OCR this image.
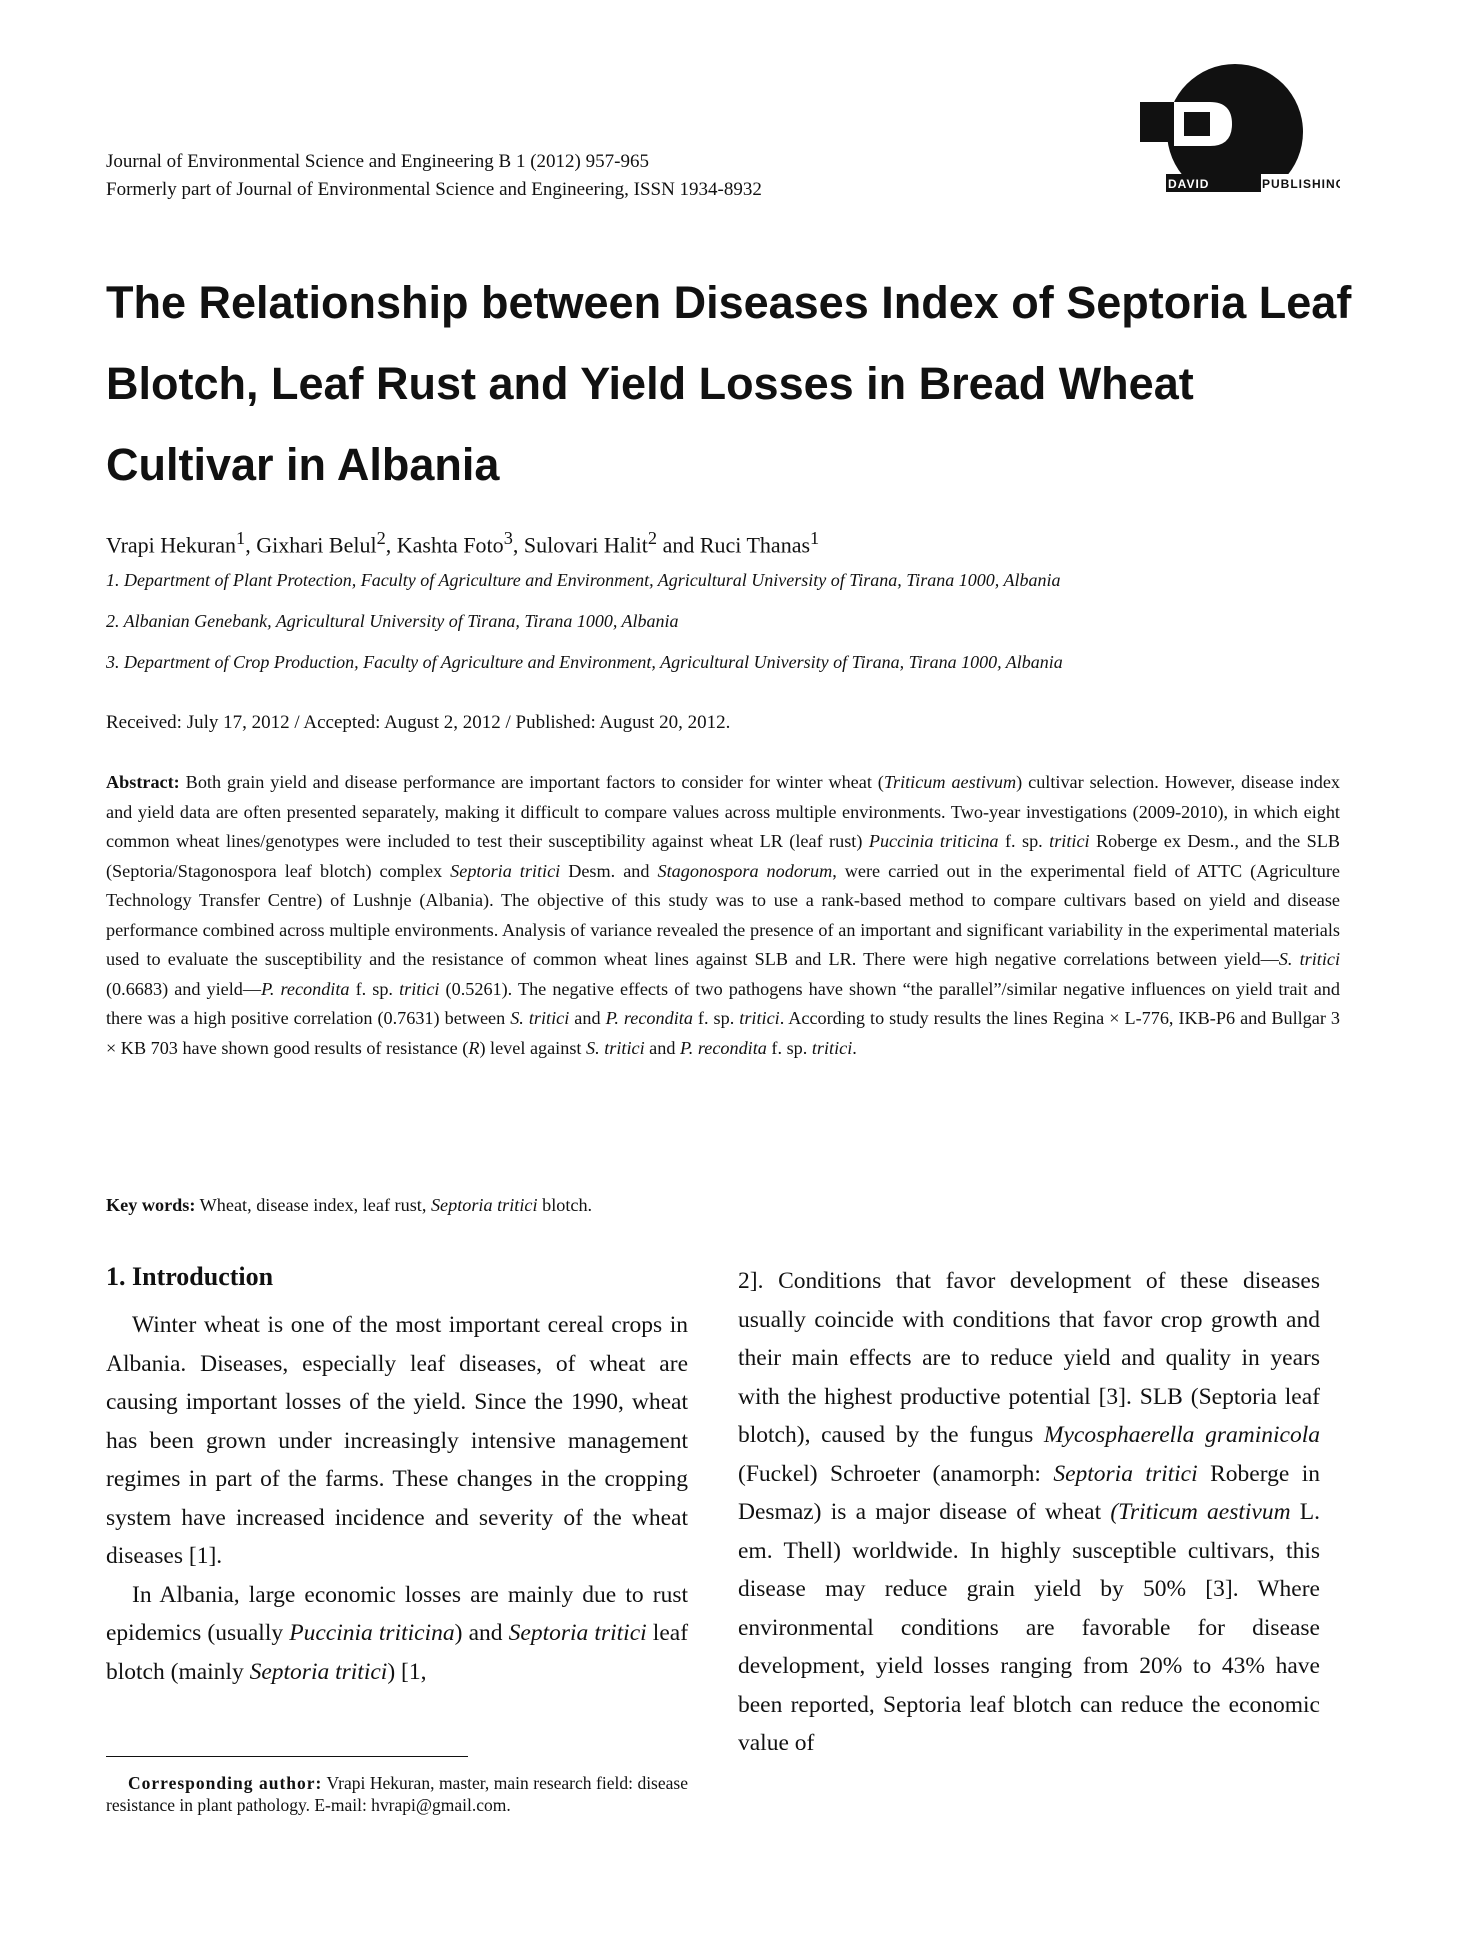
Journal of Environmental Science and Engineering B 1 (2012) 957-965
Formerly part of Journal of Environmental Science and Engineering, ISSN 1934-8932	DAVID	PUBLISHING
The Relationship between Diseases Index of Septoria Leaf Blotch, Leaf Rust and Yield Losses in Bread Wheat Cultivar in Albania
Vrapi Hekuran$^1$, Gixhari Belul$^2$, Kashta Foto$^3$, Sulovari Halit$^2$ and Ruci Thanas$^1$
1. Department of Plant Protection, Faculty of Agriculture and Environment, Agricultural University of Tirana, Tirana 1000, Albania
2. Albanian Genebank, Agricultural University of Tirana, Tirana 1000, Albania
3. Department of Crop Production, Faculty of Agriculture and Environment, Agricultural University of Tirana, Tirana 1000, Albania
Received: July 17, 2012 / Accepted: August 2, 2012 / Published: August 20, 2012.
Abstract: Both grain yield and disease performance are important factors to consider for winter wheat (Triticum aestivum) cultivar selection. However, disease index and yield data are often presented separately, making it difficult to compare values across multiple environments. Two-year investigations (2009-2010), in which eight common wheat lines/genotypes were included to test their susceptibility against wheat LR (leaf rust) Puccinia triticina f. sp. tritici Roberge ex Desm., and the SLB (Septoria/Stagonospora leaf blotch) complex Septoria tritici Desm. and Stagonospora nodorum, were carried out in the experimental field of ATTC (Agriculture Technology Transfer Centre) of Lushnje (Albania). The objective of this study was to use a rank-based method to compare cultivars based on yield and disease performance combined across multiple environments. Analysis of variance revealed the presence of an important and significant variability in the experimental materials used to evaluate the susceptibility and the resistance of common wheat lines against SLB and LR. There were high negative correlations between yield—S. tritici (0.6683) and yield—P. recondita f. sp. tritici (0.5261). The negative effects of two pathogens have shown “the parallel”/similar negative influences on yield trait and there was a high positive correlation (0.7631) between S. tritici and P. recondita f. sp. tritici. According to study results the lines Regina × L-776, IKB-P6 and Bullgar 3 × KB 703 have shown good results of resistance (R) level against S. tritici and P. recondita f. sp. tritici.
Key words: Wheat, disease index, leaf rust, Septoria tritici blotch.
1. Introduction

Winter wheat is one of the most important cereal crops in Albania. Diseases, especially leaf diseases, of wheat are causing important losses of the yield. Since the 1990, wheat has been grown under increasingly intensive management regimes in part of the farms. These changes in the cropping system have increased incidence and severity of the wheat diseases [1].

In Albania, large economic losses are mainly due to rust epidemics (usually Puccinia triticina) and Septoria tritici leaf blotch (mainly Septoria tritici) [1,

2]. Conditions that favor development of these diseases usually coincide with conditions that favor crop growth and their main effects are to reduce yield and quality in years with the highest productive potential [3]. SLB (Septoria leaf blotch), caused by the fungus Mycosphaerella graminicola (Fuckel) Schroeter (anamorph: Septoria tritici Roberge in Desmaz) is a major disease of wheat (Triticum aestivum L. em. Thell) worldwide. In highly susceptible cultivars, this disease may reduce grain yield by 50% [3]. Where environmental conditions are favorable for disease development, yield losses ranging from 20% to 43% have been reported, Septoria leaf blotch can reduce the economic value of

Corresponding author: Vrapi Hekuran, master, main research field: disease resistance in plant pathology. E-mail: hvrapi@gmail.com.
